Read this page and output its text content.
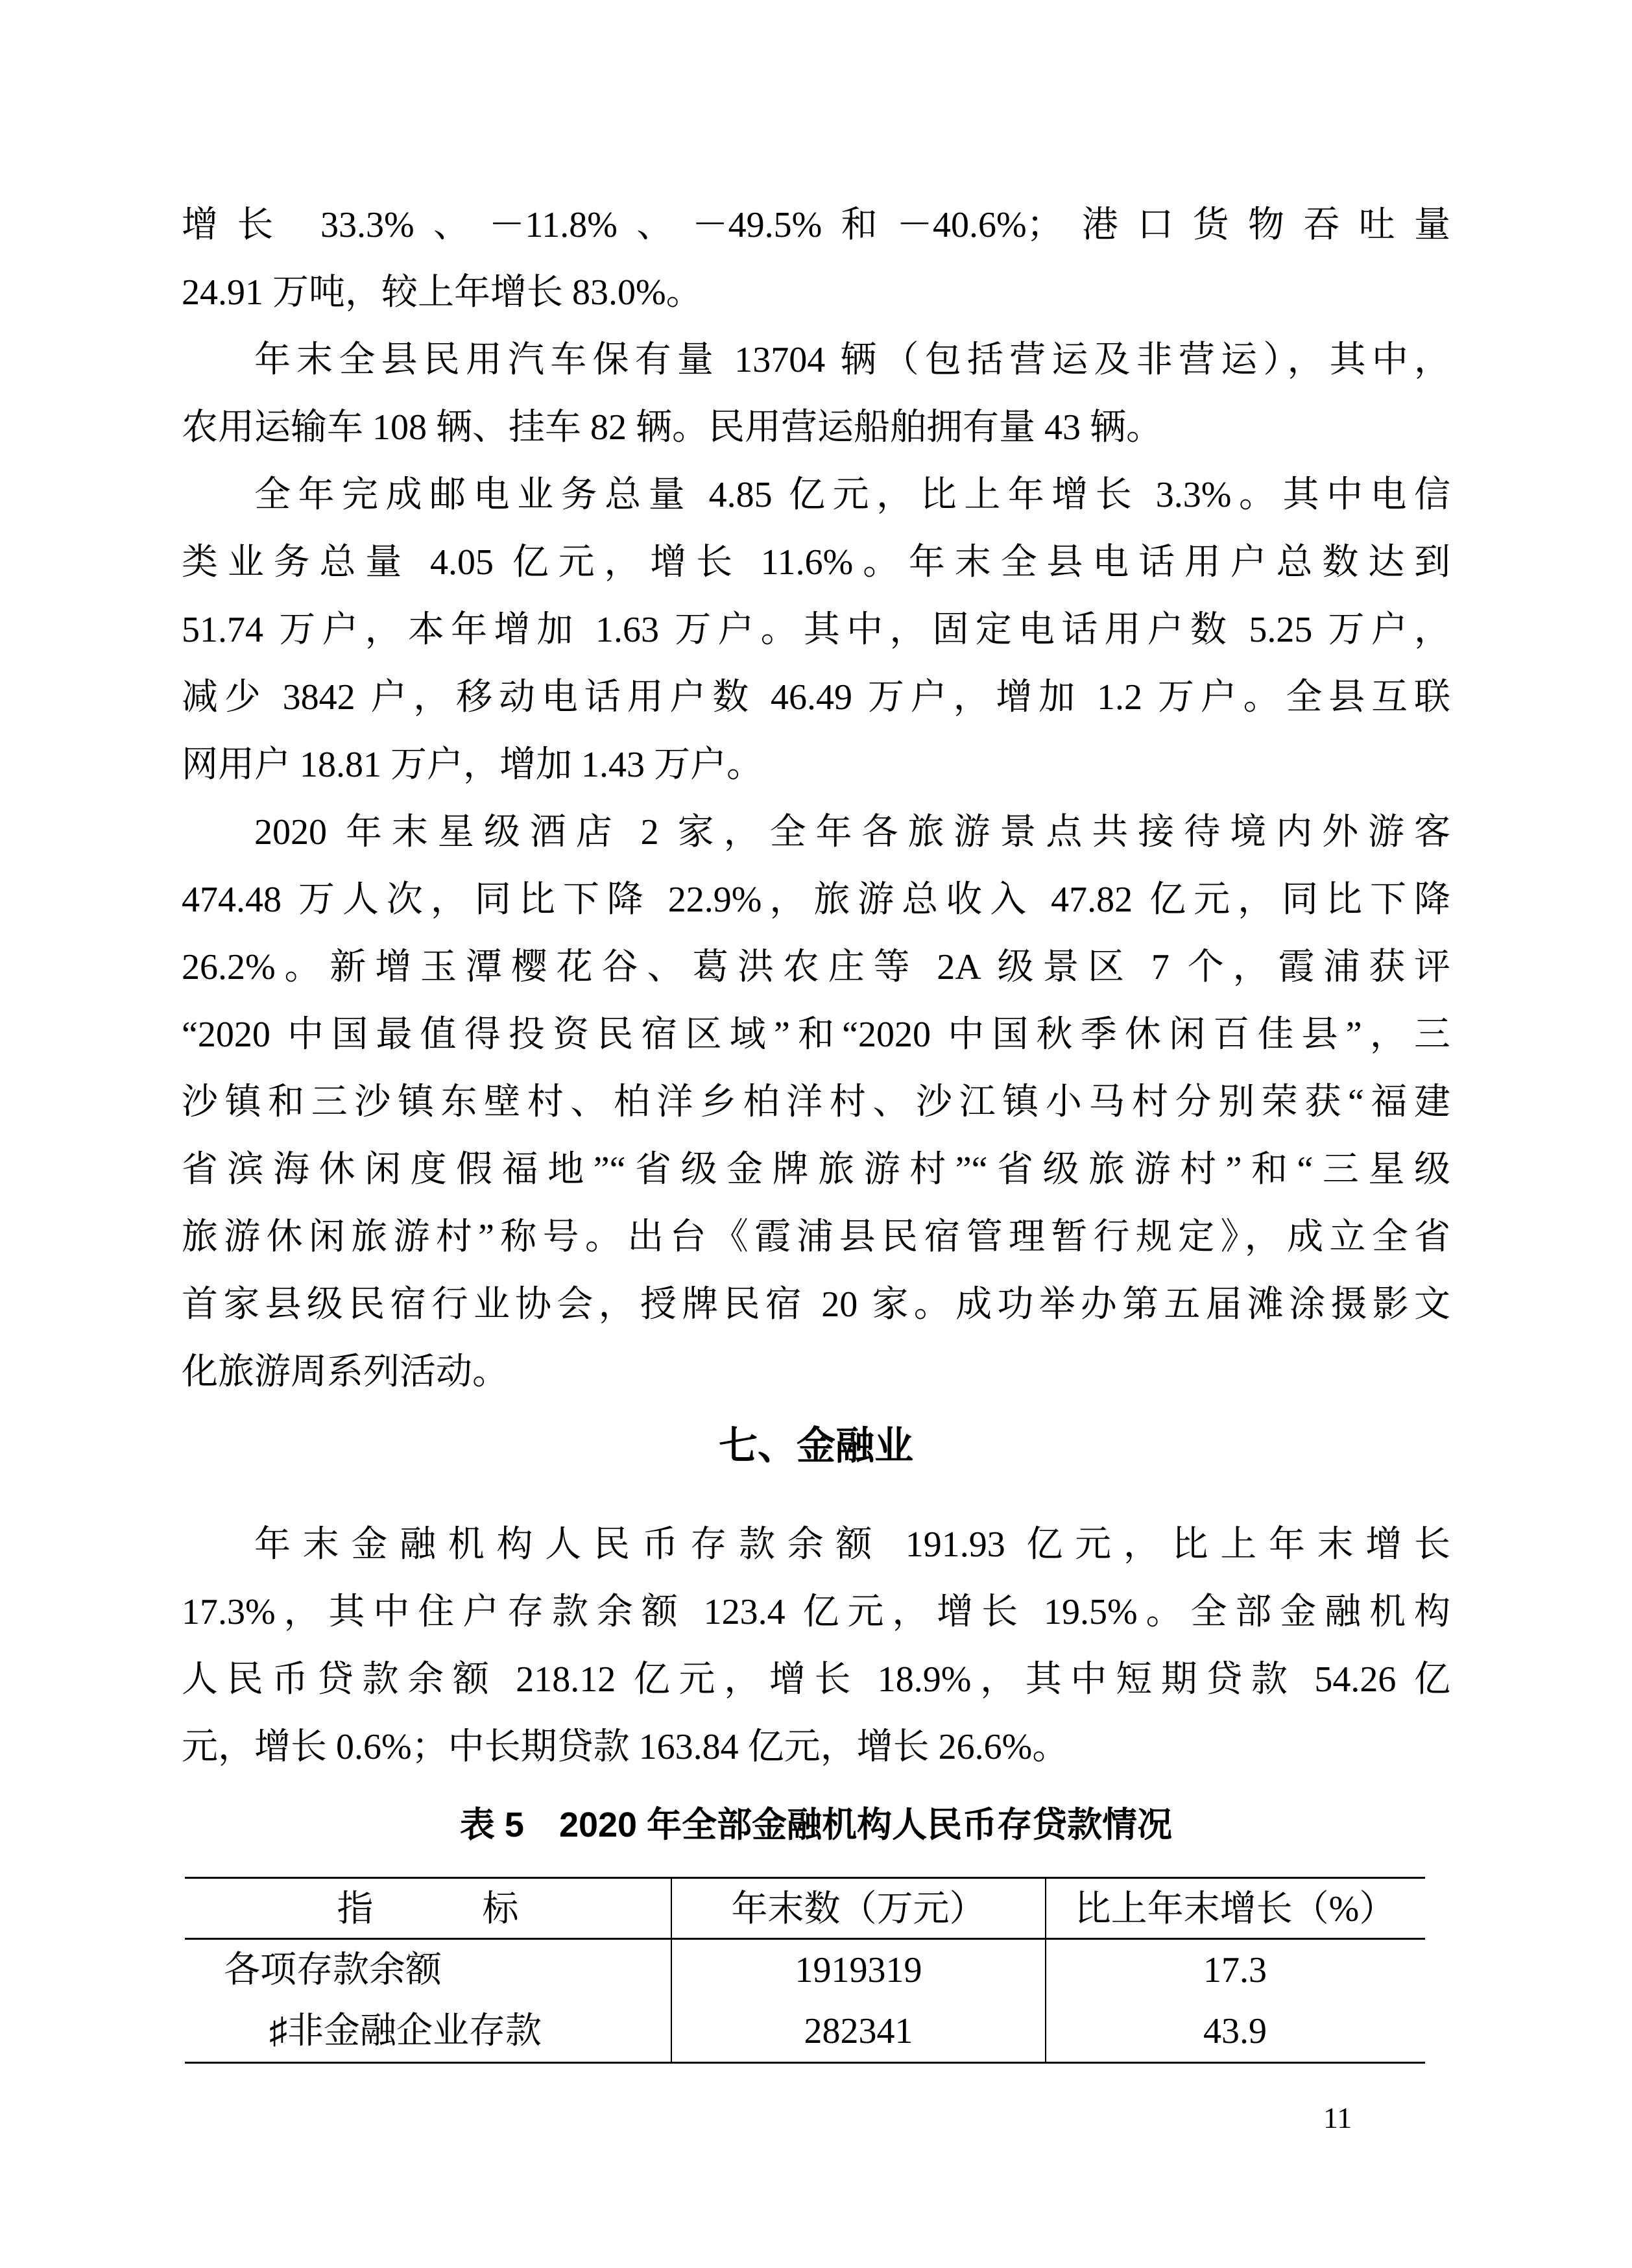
增长 33.3%、－11.8%、－49.5%和－40.6%；港口货物吞吐量
24.91 万吨，较上年增长 83.0%。
年末全县民用汽车保有量 13704 辆（包括营运及非营运），其中，
农用运输车 108 辆、挂车 82 辆。民用营运船舶拥有量 43 辆。
全年完成邮电业务总量 4.85 亿元，比上年增长 3.3%。其中电信
类业务总量 4.05 亿元，增长 11.6%。年末全县电话用户总数达到
51.74 万户，本年增加 1.63 万户。其中，固定电话用户数 5.25 万户，
减少 3842 户，移动电话用户数 46.49 万户，增加 1.2 万户。全县互联
网用户 18.81 万户，增加 1.43 万户。
2020 年末星级酒店 2 家，全年各旅游景点共接待境内外游客
474.48 万人次，同比下降 22.9%，旅游总收入 47.82 亿元，同比下降
26.2%。新增玉潭樱花谷、葛洪农庄等 2A 级景区 7 个，霞浦获评
“2020 中国最值得投资民宿区域”和“2020 中国秋季休闲百佳县”，三
沙镇和三沙镇东壁村、柏洋乡柏洋村、沙江镇小马村分别荣获“福建
省滨海休闲度假福地”“省级金牌旅游村”“省级旅游村”和“三星级
旅游休闲旅游村”称号。出台《霞浦县民宿管理暂行规定》，成立全省
首家县级民宿行业协会，授牌民宿 20 家。成功举办第五届滩涂摄影文
化旅游周系列活动。
七、金融业
年末金融机构人民币存款余额 191.93 亿元，比上年末增长
17.3%，其中住户存款余额 123.4 亿元，增长 19.5%。全部金融机构
人民币贷款余额 218.12 亿元，增长 18.9%，其中短期贷款 54.26 亿
元，增长 0.6%；中长期贷款 163.84 亿元，增长 26.6%。
表 5　2020 年全部金融机构人民币存贷款情况
指　　　标	年末数（万元）	比上年末增长（%）
各项存款余额	1919319	17.3
♯非金融企业存款	282341	43.9
11
